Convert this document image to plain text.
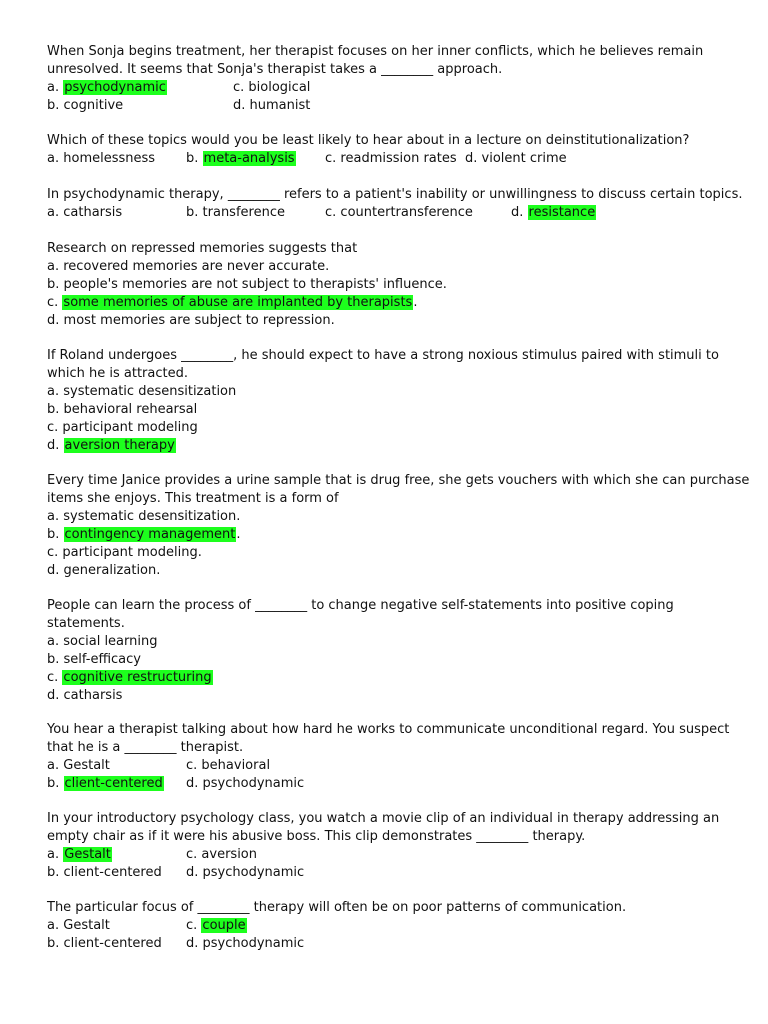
When Sonja begins treatment, her therapist focuses on her inner conflicts, which he believes remain
unresolved. It seems that Sonja's therapist takes a ________ approach.
a. psychodynamic	c. biological
b. cognitive	d. humanist
Which of these topics would you be least likely to hear about in a lecture on deinstitutionalization?
a. homelessness b. meta-analysis c. readmission rates d. violent crime
In psychodynamic therapy, ________ refers to a patient's inability or unwillingness to discuss certain topics.
a. catharsis	b. transference	c. countertransference	d. resistance
Research on repressed memories suggests that
a. recovered memories are never accurate.
b. people's memories are not subject to therapists' influence.
c. some memories of abuse are implanted by therapists.
d. most memories are subject to repression.
If Roland undergoes ________, he should expect to have a strong noxious stimulus paired with stimuli to
which he is attracted.
a. systematic desensitization
b. behavioral rehearsal
c. participant modeling
d. aversion therapy
Every time Janice provides a urine sample that is drug free, she gets vouchers with which she can purchase
items she enjoys. This treatment is a form of
a. systematic desensitization.
b. contingency management.
c. participant modeling.
d. generalization.
People can learn the process of ________ to change negative self-statements into positive coping
statements.
a. social learning
b. self-efficacy
c. cognitive restructuring
d. catharsis
You hear a therapist talking about how hard he works to communicate unconditional regard. You suspect
that he is a ________ therapist.
a. Gestalt	c. behavioral
b. client-centered d. psychodynamic
In your introductory psychology class, you watch a movie clip of an individual in therapy addressing an
empty chair as if it were his abusive boss. This clip demonstrates ________ therapy.
a. Gestalt	c. aversion
b. client-centered d. psychodynamic
The particular focus of ________ therapy will often be on poor patterns of communication.
a. Gestalt	c. couple
b. client-centered d. psychodynamic
